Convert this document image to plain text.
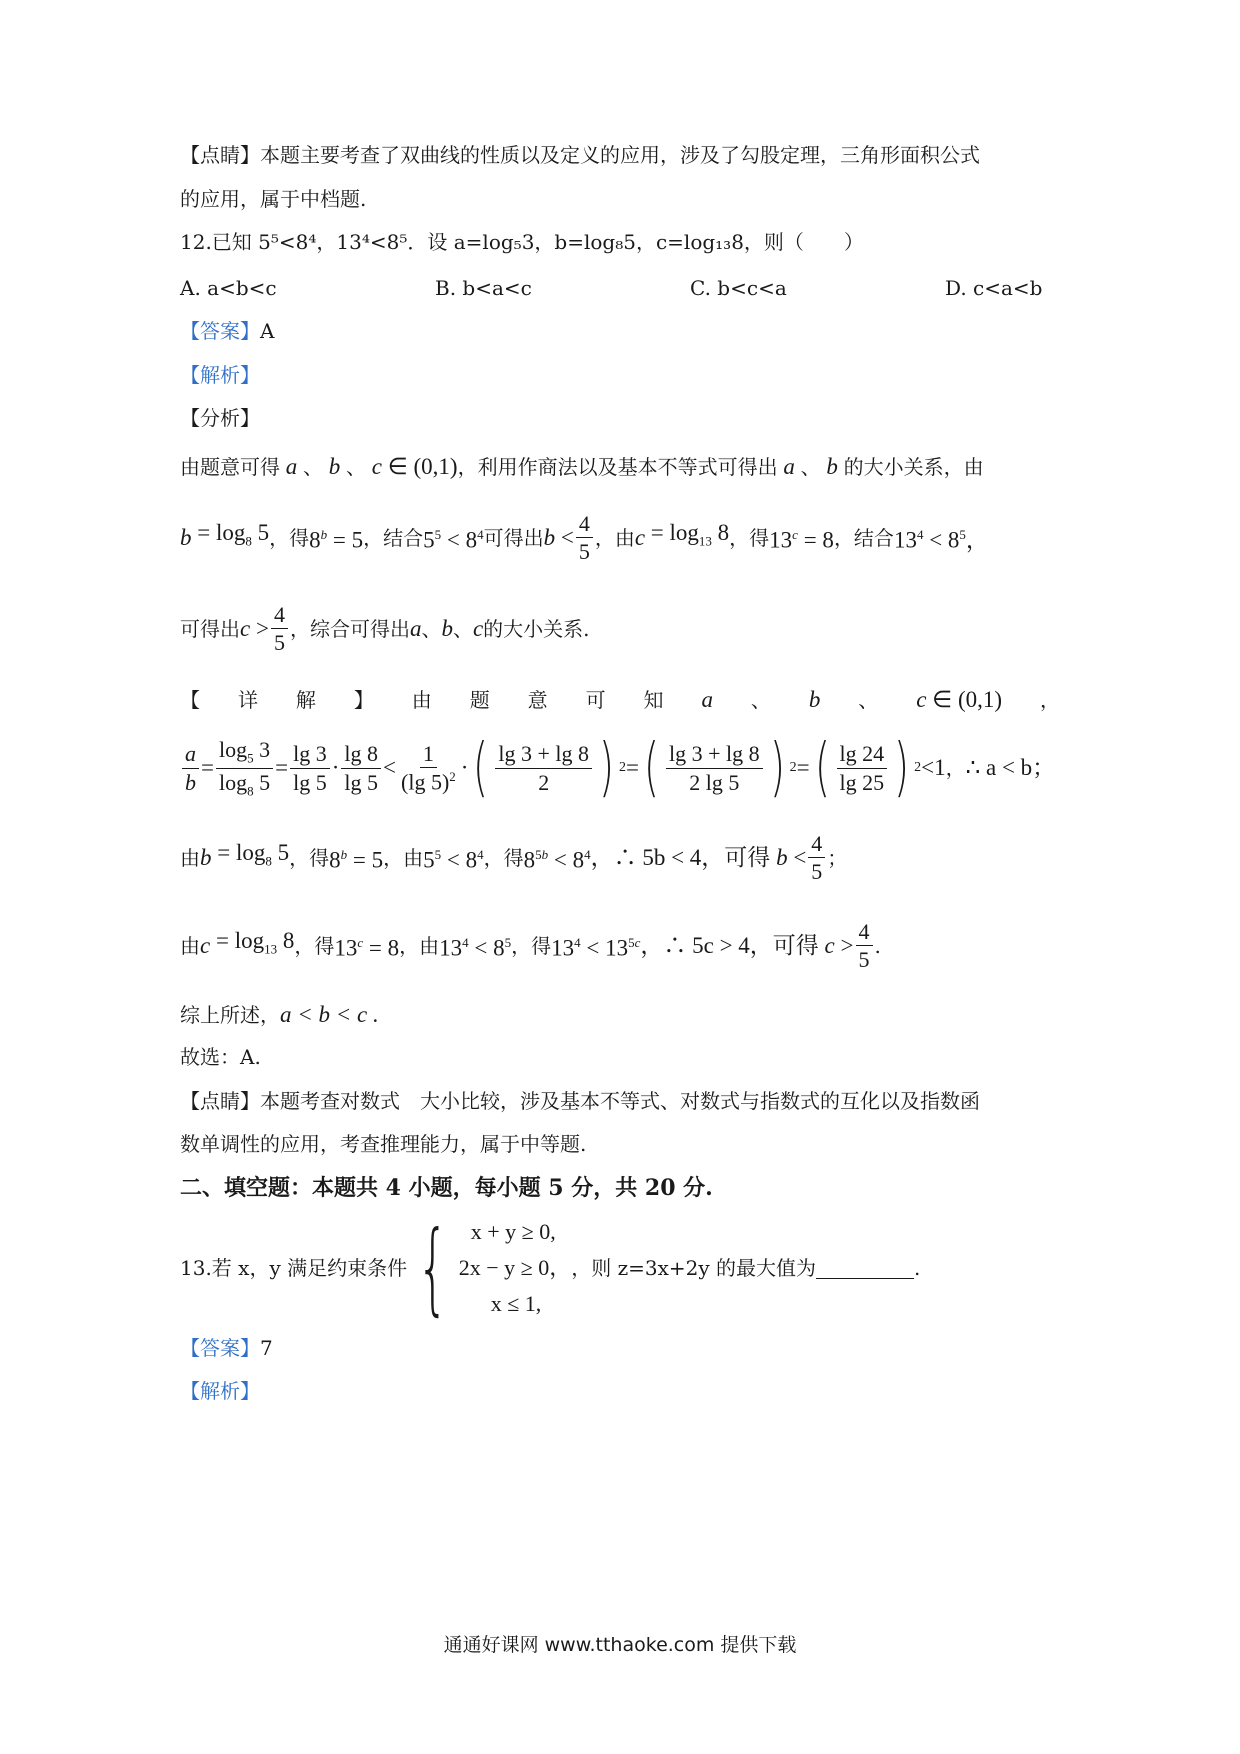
【点睛】本题主要考查了双曲线的性质以及定义的应用，涉及了勾股定理，三角形面积公式
的应用，属于中档题.
12.已知 5⁵<8⁴，13⁴<8⁵．设 a=log₅3，b=log₈5，c=log₁₃8，则（　　）
A. a<b<c	B. b<a<c	C. b<c<a	D. c<a<b
【答案】A
【解析】
【分析】
由题意可得 a 、 b 、 c ∈ (0,1)，利用作商法以及基本不等式可得出 a 、 b 的大小关系，由
$b = \log_8 5$ ，得 $8^b = 5$ ，结合 $5^5 < 8^4$ 可得出 $b < \frac{4}{5}$ ，由 $c = \log_{13} 8$ ，得 $13^c = 8$ ，结合 $13^4 < 8^5$，
可得出 $c > \frac{4}{5}$ ，综合可得出 a 、 b 、 c 的大小关系.
【 详 解 】 由 题 意 可 知 a 、 b 、 c ∈ (0,1) ，
$\frac{a}{b} = \frac{\log_5 3}{\log_8 5} = \frac{\lg 3}{\lg 5} \cdot \frac{\lg 8}{\lg 5} < \frac{1}{(\lg 5)^2}$ · ( $\frac{\lg 3 + \lg 8}{2}$ ) 2 = ( $\frac{\lg 3 + \lg 8}{2 \lg 5}$ ) 2 = ( $\frac{\lg 24}{\lg 25}$ ) 2 <1 ， ∴ a < b；
由 $b = \log_8 5$ ，得 $8^b = 5$ ，由 $5^5 < 8^4$ ，得 $8^{5b} < 8^4$ ，∴ 5b < 4，可得 $b < \frac{4}{5}$ ；
由 $c = \log_{13} 8$ ，得 $13^c = 8$ ，由 $13^4 < 8^5$ ，得 $13^4 < 13^{5c}$ ，∴ 5c > 4，可得 $c > \frac{4}{5}$ .
综上所述，a < b < c .
故选：A.
【点睛】本题考查对数式　大小比较，涉及基本不等式、对数式与指数式的互化以及指数函
数单调性的应用，考查推理能力，属于中等题.
二、填空题：本题共 4 小题，每小题 5 分，共 20 分.
13.若 x，y 满足约束条件 { x + y ≥ 0,
2x − y ≥ 0，
x ≤ 1,
，则 z=3x+2y 的最大值为	.
【答案】7
【解析】
通通好课网 www.tthaoke.com 提供下载
